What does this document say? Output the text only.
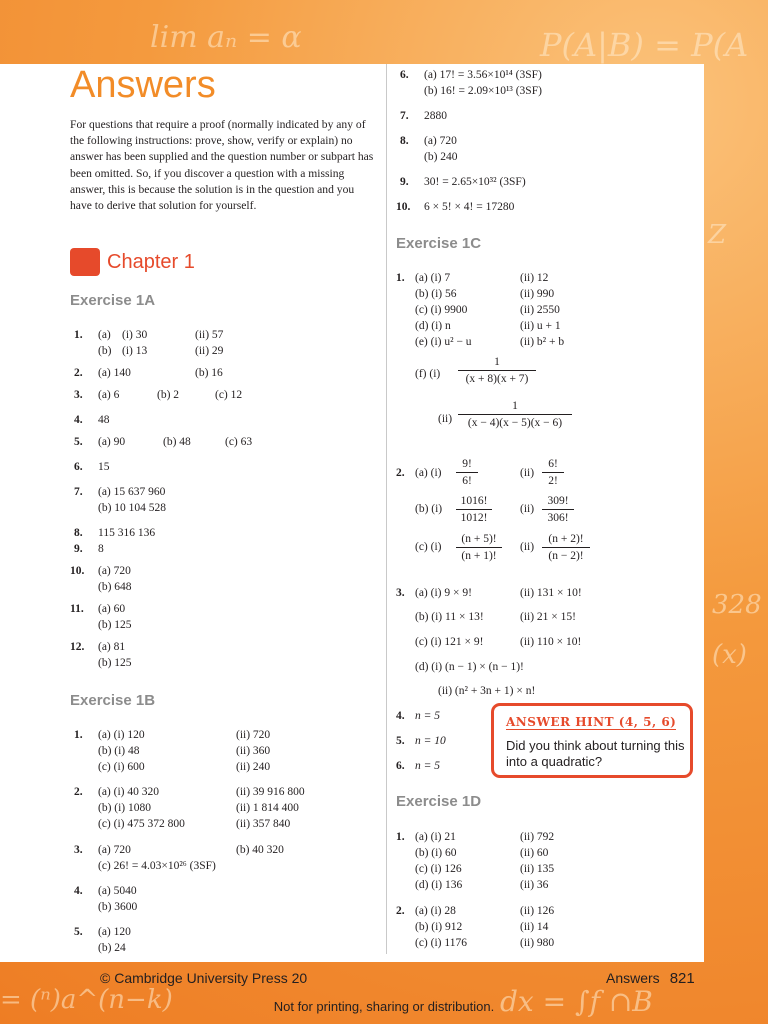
lim aₙ = α	P(A|B) = P(A
= (ⁿ)a^(n−k)	dx = ∫f ∩B
Z
328
(x)
Answers

For questions that require a proof (normally indicated by any of the following instructions: prove, show, verify or explain) no answer has been supplied and the question number or subpart has been omitted. So, if you discover a question with a missing answer, this is because the solution is in the question and you have to derive that solution for yourself.

Chapter 1
Exercise 1A
1. (a) (i) 30	(ii) 57
(b) (i) 13	(ii) 29
2. (a) 140	(b) 16
3. (a) 6	(b) 2	(c) 12
4. 48
5. (a) 90	(b) 48	(c) 63
6. 15
7. (a) 15 637 960
(b) 10 104 528
8. 115 316 136
9. 8
10. (a) 720
(b) 648
11. (a) 60
(b) 125
12. (a) 81
(b) 125
Exercise 1B
1. (a) (i) 120	(ii) 720
(b) (i) 48	(ii) 360
(c) (i) 600	(ii) 240
2. (a) (i) 40 320	(ii) 39 916 800
(b) (i) 1080	(ii) 1 814 400
(c) (i) 475 372 800	(ii) 357 840
3. (a) 720	(b) 40 320
(c) 26! = 4.03×10²⁶ (3SF)
4. (a) 5040
(b) 3600
5. (a) 120
(b) 24
6. (a) 17! = 3.56×10¹⁴ (3SF)
(b) 16! = 2.09×10¹³ (3SF)
7. 2880
8. (a) 720
(b) 240
9. 30! = 2.65×10³² (3SF)
10. 6 × 5! × 4! = 17280
Exercise 1C
1. (a) (i) 7	(ii) 12
(b) (i) 56	(ii) 990
(c) (i) 9900	(ii) 2550
(d) (i) n	(ii) u + 1
(e) (i) u² − u	(ii) b² + b
(f) $(i) \frac{1}{(x + 8)(x + 7)}$
$(ii) \frac{1}{(x - 4)(x - 5)(x - 6)}$
2. (a) $(i) \frac{9!}{6!}$	$(ii) \frac{6!}{2!}$
(b) $(i) \frac{1016!}{1012!} (ii) \frac{309!}{306!}$
(c) $(i) \frac{(n + 5)!}{(n + 1)!} (ii) \frac{(n + 2)!}{(n - 2)!}$
3. (a) (i) 9 × 9!	(ii) 131 × 10!
(b) (i) 11 × 13!	(ii) 21 × 15!
(c) (i) 121 × 9!	(ii) 110 × 10!
(d) (i) (n − 1) × (n − 1)!
(ii) (n² + 3n + 1) × n!
4. n = 5
5. n = 10
6. n = 5
ANSWER HINT (4, 5, 6)
Did you think about turning this into a quadratic?
Exercise 1D
1. (a) (i) 21	(ii) 792
(b) (i) 60	(ii) 60
(c) (i) 126	(ii) 135
(d) (i) 136	(ii) 36
2. (a) (i) 28	(ii) 126
(b) (i) 912	(ii) 14
(c) (i) 1176	(ii) 980
© Cambridge University Press 20	Answers 821
Not for printing, sharing or distribution.
